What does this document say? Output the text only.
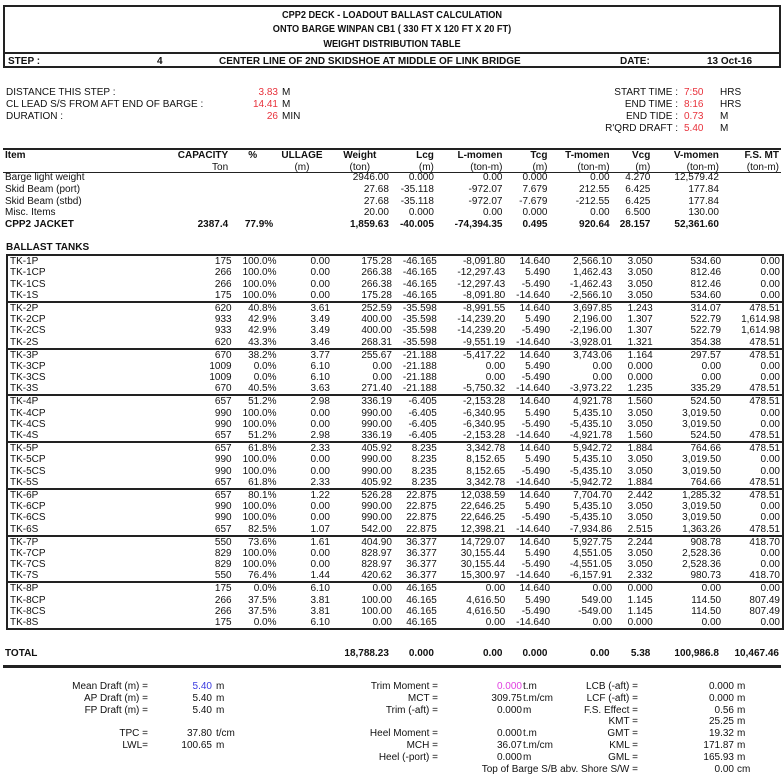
CPP2 DECK - LOADOUT BALLAST CALCULATION
ONTO BARGE WINPAN CB1 ( 330 FT X 120 FT X 20 FT)
WEIGHT DISTRIBUTION TABLE
STEP :	4	CENTER LINE OF 2ND SKIDSHOE AT MIDDLE OF LINK BRIDGE	DATE:	13 Oct-16
DISTANCE THIS STEP :	3.83 M
CL LEAD S/S FROM AFT END OF BARGE :	14.41 M
DURATION :	26 MIN
START TIME : 7:50 HRS
END TIME : 8:16 HRS
END TIDE : 0.73 M
R'QRD DRAFT : 5.40 M
Item	CAPACITY	%	ULLAGE	Weight	Lcg	L-momen	Tcg	T-momen	Vcg	V-momen	F.S. MT
	Ton		(m)	(ton)	(m)	(ton-m)	(m)	(ton-m)	(m)	(ton-m)	(ton-m)
Barge light weight				2946.00	0.000	0.00	0.000	0.00	4.270	12,579.42	
Skid Beam (port)				27.68	-35.118	-972.07	7.679	212.55	6.425	177.84	
Skid Beam (stbd)				27.68	-35.118	-972.07	-7.679	-212.55	6.425	177.84	
Misc. Items				20.00	0.000	0.00	0.000	0.00	6.500	130.00	
CPP2 JACKET	2387.4	77.9%		1,859.63	-40.005	-74,394.35	0.495	920.64	28.157	52,361.60	
BALLAST TANKS
TK-1P	175	100.0%	0.00	175.28	-46.165	-8,091.80	14.640	2,566.10	3.050	534.60	0.00
TK-1CP	266	100.0%	0.00	266.38	-46.165	-12,297.43	5.490	1,462.43	3.050	812.46	0.00
TK-1CS	266	100.0%	0.00	266.38	-46.165	-12,297.43	-5.490	-1,462.43	3.050	812.46	0.00
TK-1S	175	100.0%	0.00	175.28	-46.165	-8,091.80	-14.640	-2,566.10	3.050	534.60	0.00
TK-2P	620	40.8%	3.61	252.59	-35.598	-8,991.55	14.640	3,697.85	1.243	314.07	478.51
TK-2CP	933	42.9%	3.49	400.00	-35.598	-14,239.20	5.490	2,196.00	1.307	522.79	1,614.98
TK-2CS	933	42.9%	3.49	400.00	-35.598	-14,239.20	-5.490	-2,196.00	1.307	522.79	1,614.98
TK-2S	620	43.3%	3.46	268.31	-35.598	-9,551.19	-14.640	-3,928.01	1.321	354.38	478.51
TK-3P	670	38.2%	3.77	255.67	-21.188	-5,417.22	14.640	3,743.06	1.164	297.57	478.51
TK-3CP	1009	0.0%	6.10	0.00	-21.188	0.00	5.490	0.00	0.000	0.00	0.00
TK-3CS	1009	0.0%	6.10	0.00	-21.188	0.00	-5.490	0.00	0.000	0.00	0.00
TK-3S	670	40.5%	3.63	271.40	-21.188	-5,750.32	-14.640	-3,973.22	1.235	335.29	478.51
TK-4P	657	51.2%	2.98	336.19	-6.405	-2,153.28	14.640	4,921.78	1.560	524.50	478.51
TK-4CP	990	100.0%	0.00	990.00	-6.405	-6,340.95	5.490	5,435.10	3.050	3,019.50	0.00
TK-4CS	990	100.0%	0.00	990.00	-6.405	-6,340.95	-5.490	-5,435.10	3.050	3,019.50	0.00
TK-4S	657	51.2%	2.98	336.19	-6.405	-2,153.28	-14.640	-4,921.78	1.560	524.50	478.51
TK-5P	657	61.8%	2.33	405.92	8.235	3,342.78	14.640	5,942.72	1.884	764.66	478.51
TK-5CP	990	100.0%	0.00	990.00	8.235	8,152.65	5.490	5,435.10	3.050	3,019.50	0.00
TK-5CS	990	100.0%	0.00	990.00	8.235	8,152.65	-5.490	-5,435.10	3.050	3,019.50	0.00
TK-5S	657	61.8%	2.33	405.92	8.235	3,342.78	-14.640	-5,942.72	1.884	764.66	478.51
TK-6P	657	80.1%	1.22	526.28	22.875	12,038.59	14.640	7,704.70	2.442	1,285.32	478.51
TK-6CP	990	100.0%	0.00	990.00	22.875	22,646.25	5.490	5,435.10	3.050	3,019.50	0.00
TK-6CS	990	100.0%	0.00	990.00	22.875	22,646.25	-5.490	-5,435.10	3.050	3,019.50	0.00
TK-6S	657	82.5%	1.07	542.00	22.875	12,398.21	-14.640	-7,934.86	2.515	1,363.26	478.51
TK-7P	550	73.6%	1.61	404.90	36.377	14,729.07	14.640	5,927.75	2.244	908.78	418.70
TK-7CP	829	100.0%	0.00	828.97	36.377	30,155.44	5.490	4,551.05	3.050	2,528.36	0.00
TK-7CS	829	100.0%	0.00	828.97	36.377	30,155.44	-5.490	-4,551.05	3.050	2,528.36	0.00
TK-7S	550	76.4%	1.44	420.62	36.377	15,300.97	-14.640	-6,157.91	2.332	980.73	418.70
TK-8P	175	0.0%	6.10	0.00	46.165	0.00	14.640	0.00	0.000	0.00	0.00
TK-8CP	266	37.5%	3.81	100.00	46.165	4,616.50	5.490	549.00	1.145	114.50	807.49
TK-8CS	266	37.5%	3.81	100.00	46.165	4,616.50	-5.490	-549.00	1.145	114.50	807.49
TK-8S	175	0.0%	6.10	0.00	46.165	0.00	-14.640	0.00	0.000	0.00	0.00
TOTAL				18,788.23	0.000	0.00	0.000	0.00	5.38	100,986.8	10,467.46
Mean Draft (m) =	5.40 m
AP Draft (m) =	5.40 m
FP Draft (m) =	5.40 m
TPC =	37.80 t/cm
LWL=	100.65 m
Trim Moment =	0.000 t.m
MCT =	309.75 t.m/cm
Trim (-aft) =	0.000 m
Heel Moment =	0.000 t.m
MCH =	36.07 t.m/cm
Heel (-port) =	0.000 m
LCB (-aft) =	0.000 m
LCF (-aft) =	0.000 m
F.S. Effect =	0.56 m
KMT =	25.25 m
GMT =	19.32 m
KML =	171.87 m
GML =	165.93 m
Top of Barge S/B abv. Shore S/W =	0.00 cm
